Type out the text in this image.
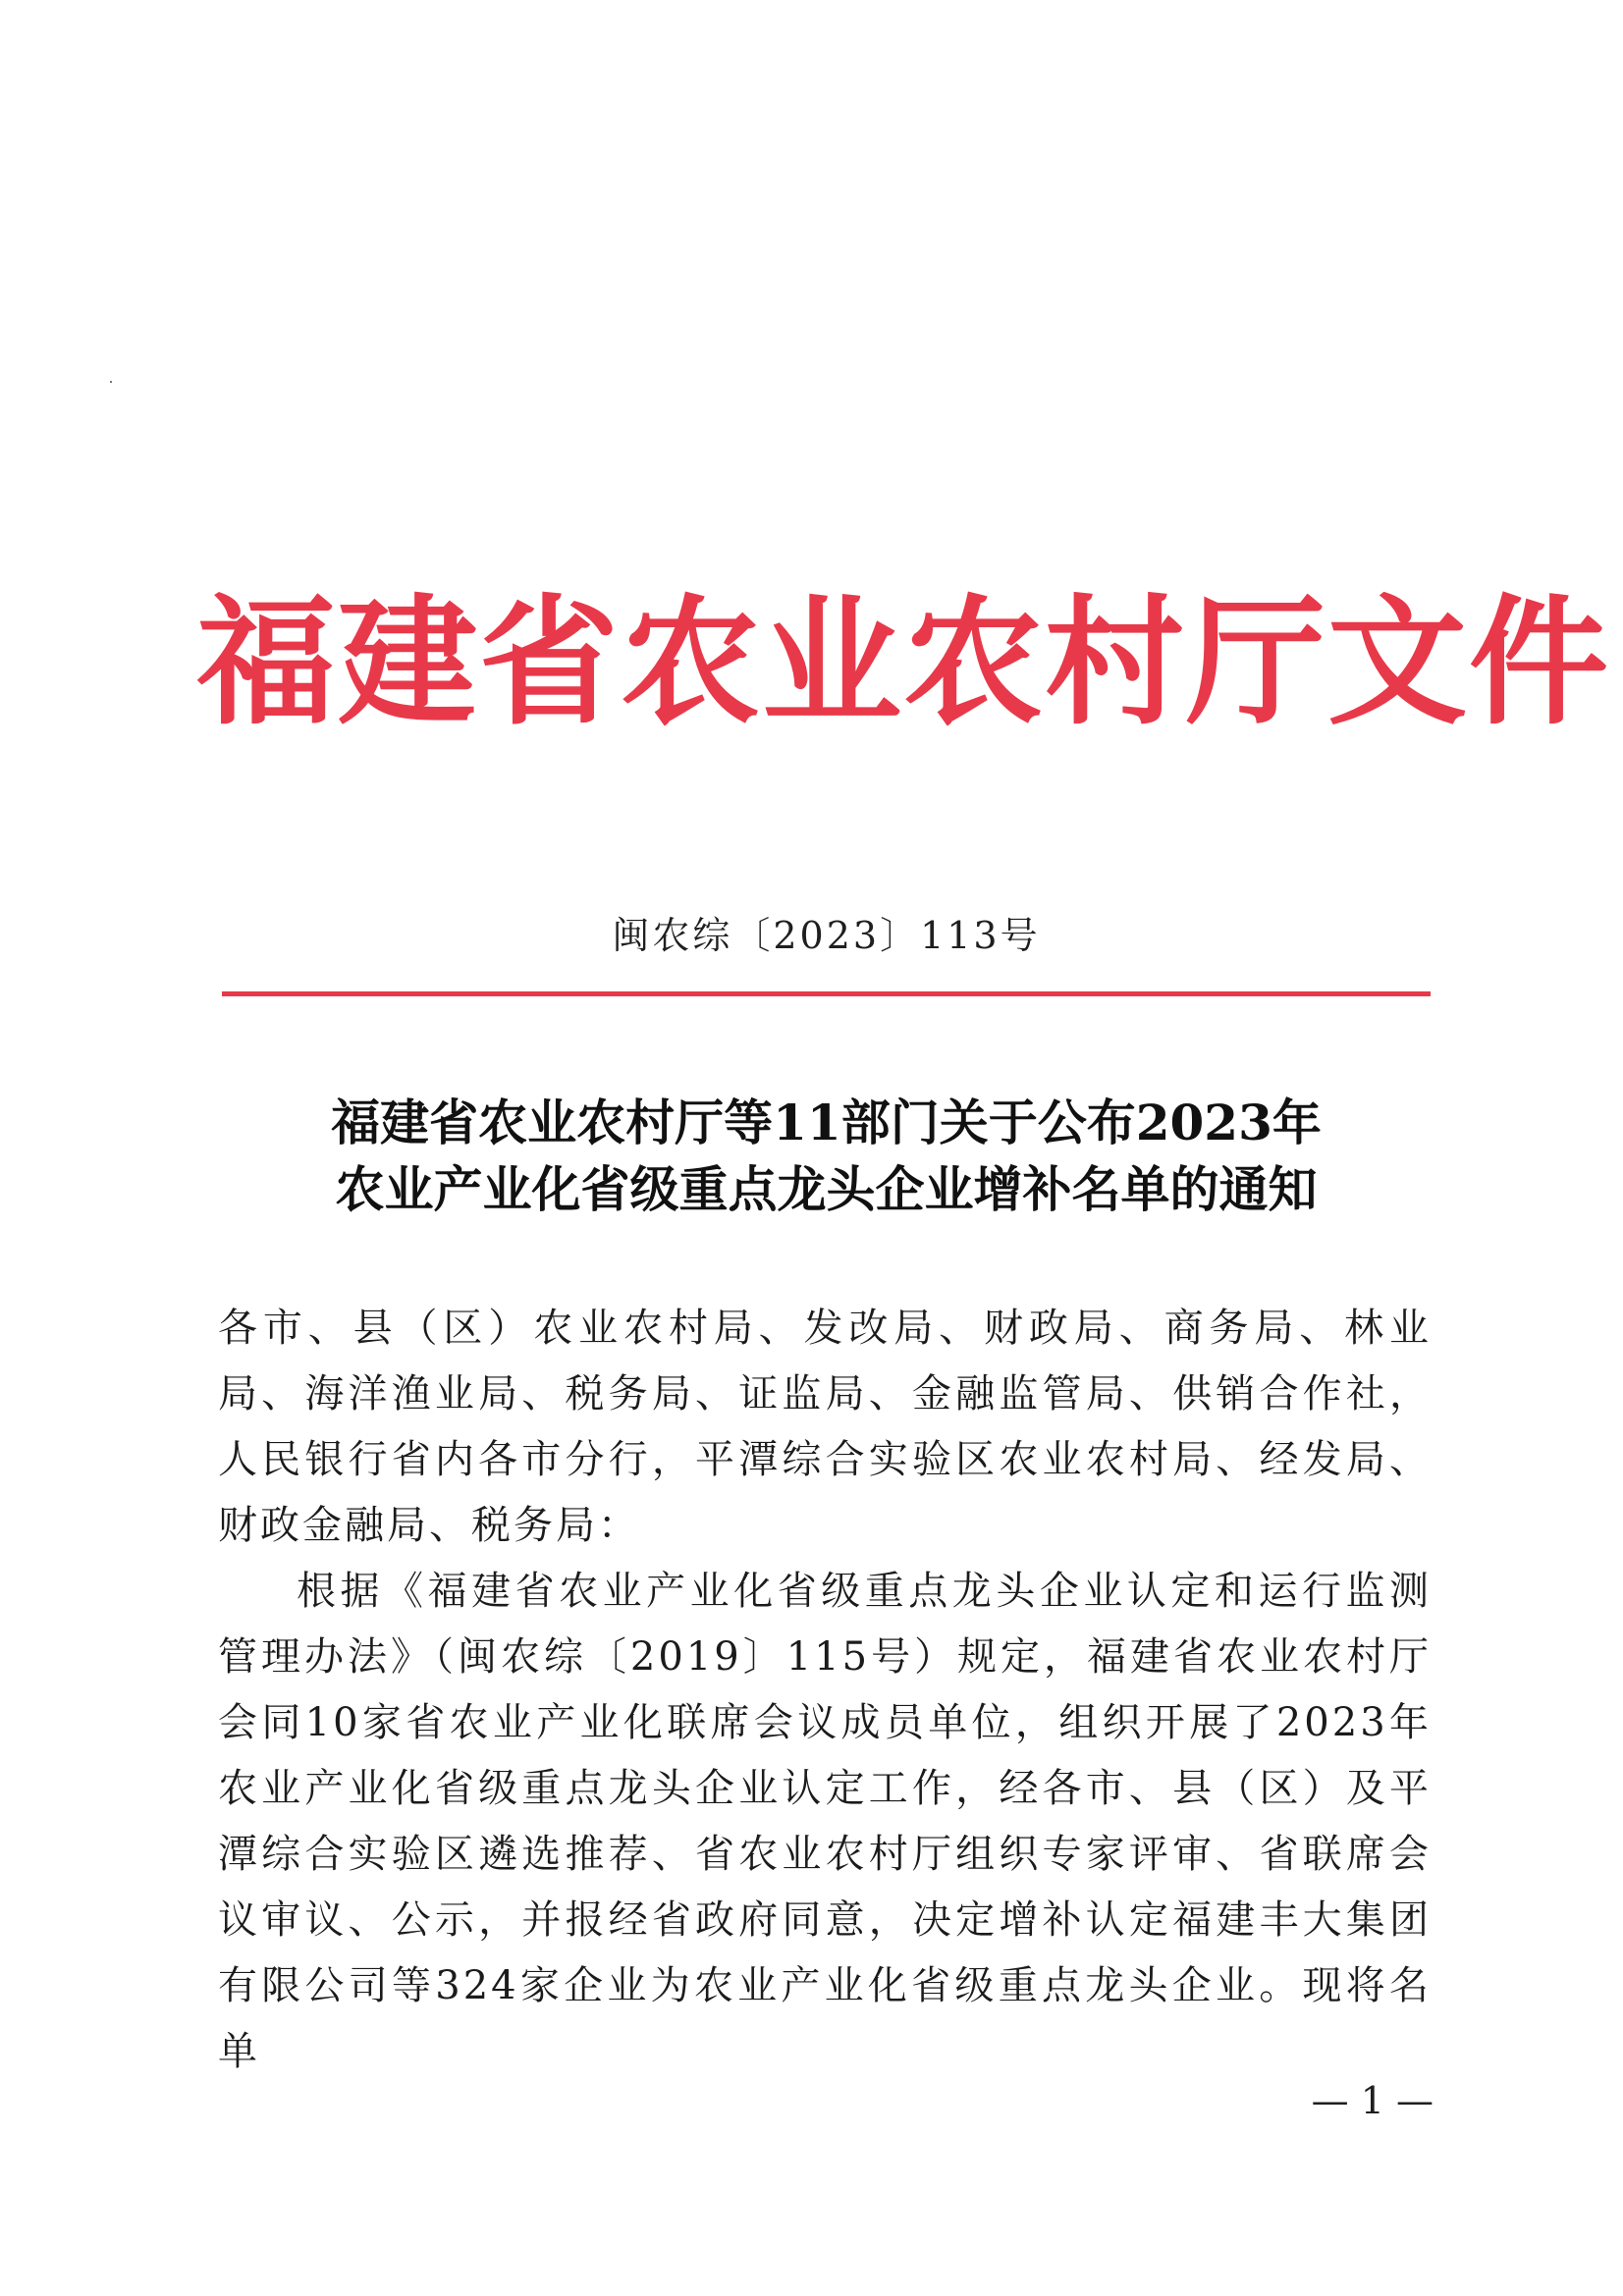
福建省农业农村厅文件
闽农综〔2023〕113号
福建省农业农村厅等11部门关于公布2023年
农业产业化省级重点龙头企业增补名单的通知

各市、县（区）农业农村局、发改局、财政局、商务局、林业局、海洋渔业局、税务局、证监局、金融监管局、供销合作社，人民银行省内各市分行，平潭综合实验区农业农村局、经发局、财政金融局、税务局：

根据《福建省农业产业化省级重点龙头企业认定和运行监测管理办法》（闽农综〔2019〕115号）规定，福建省农业农村厅会同10家省农业产业化联席会议成员单位，组织开展了2023年农业产业化省级重点龙头企业认定工作，经各市、县（区）及平潭综合实验区遴选推荐、省农业农村厅组织专家评审、省联席会议审议、公示，并报经省政府同意，决定增补认定福建丰大集团有限公司等324家企业为农业产业化省级重点龙头企业。现将名单

— 1 —
